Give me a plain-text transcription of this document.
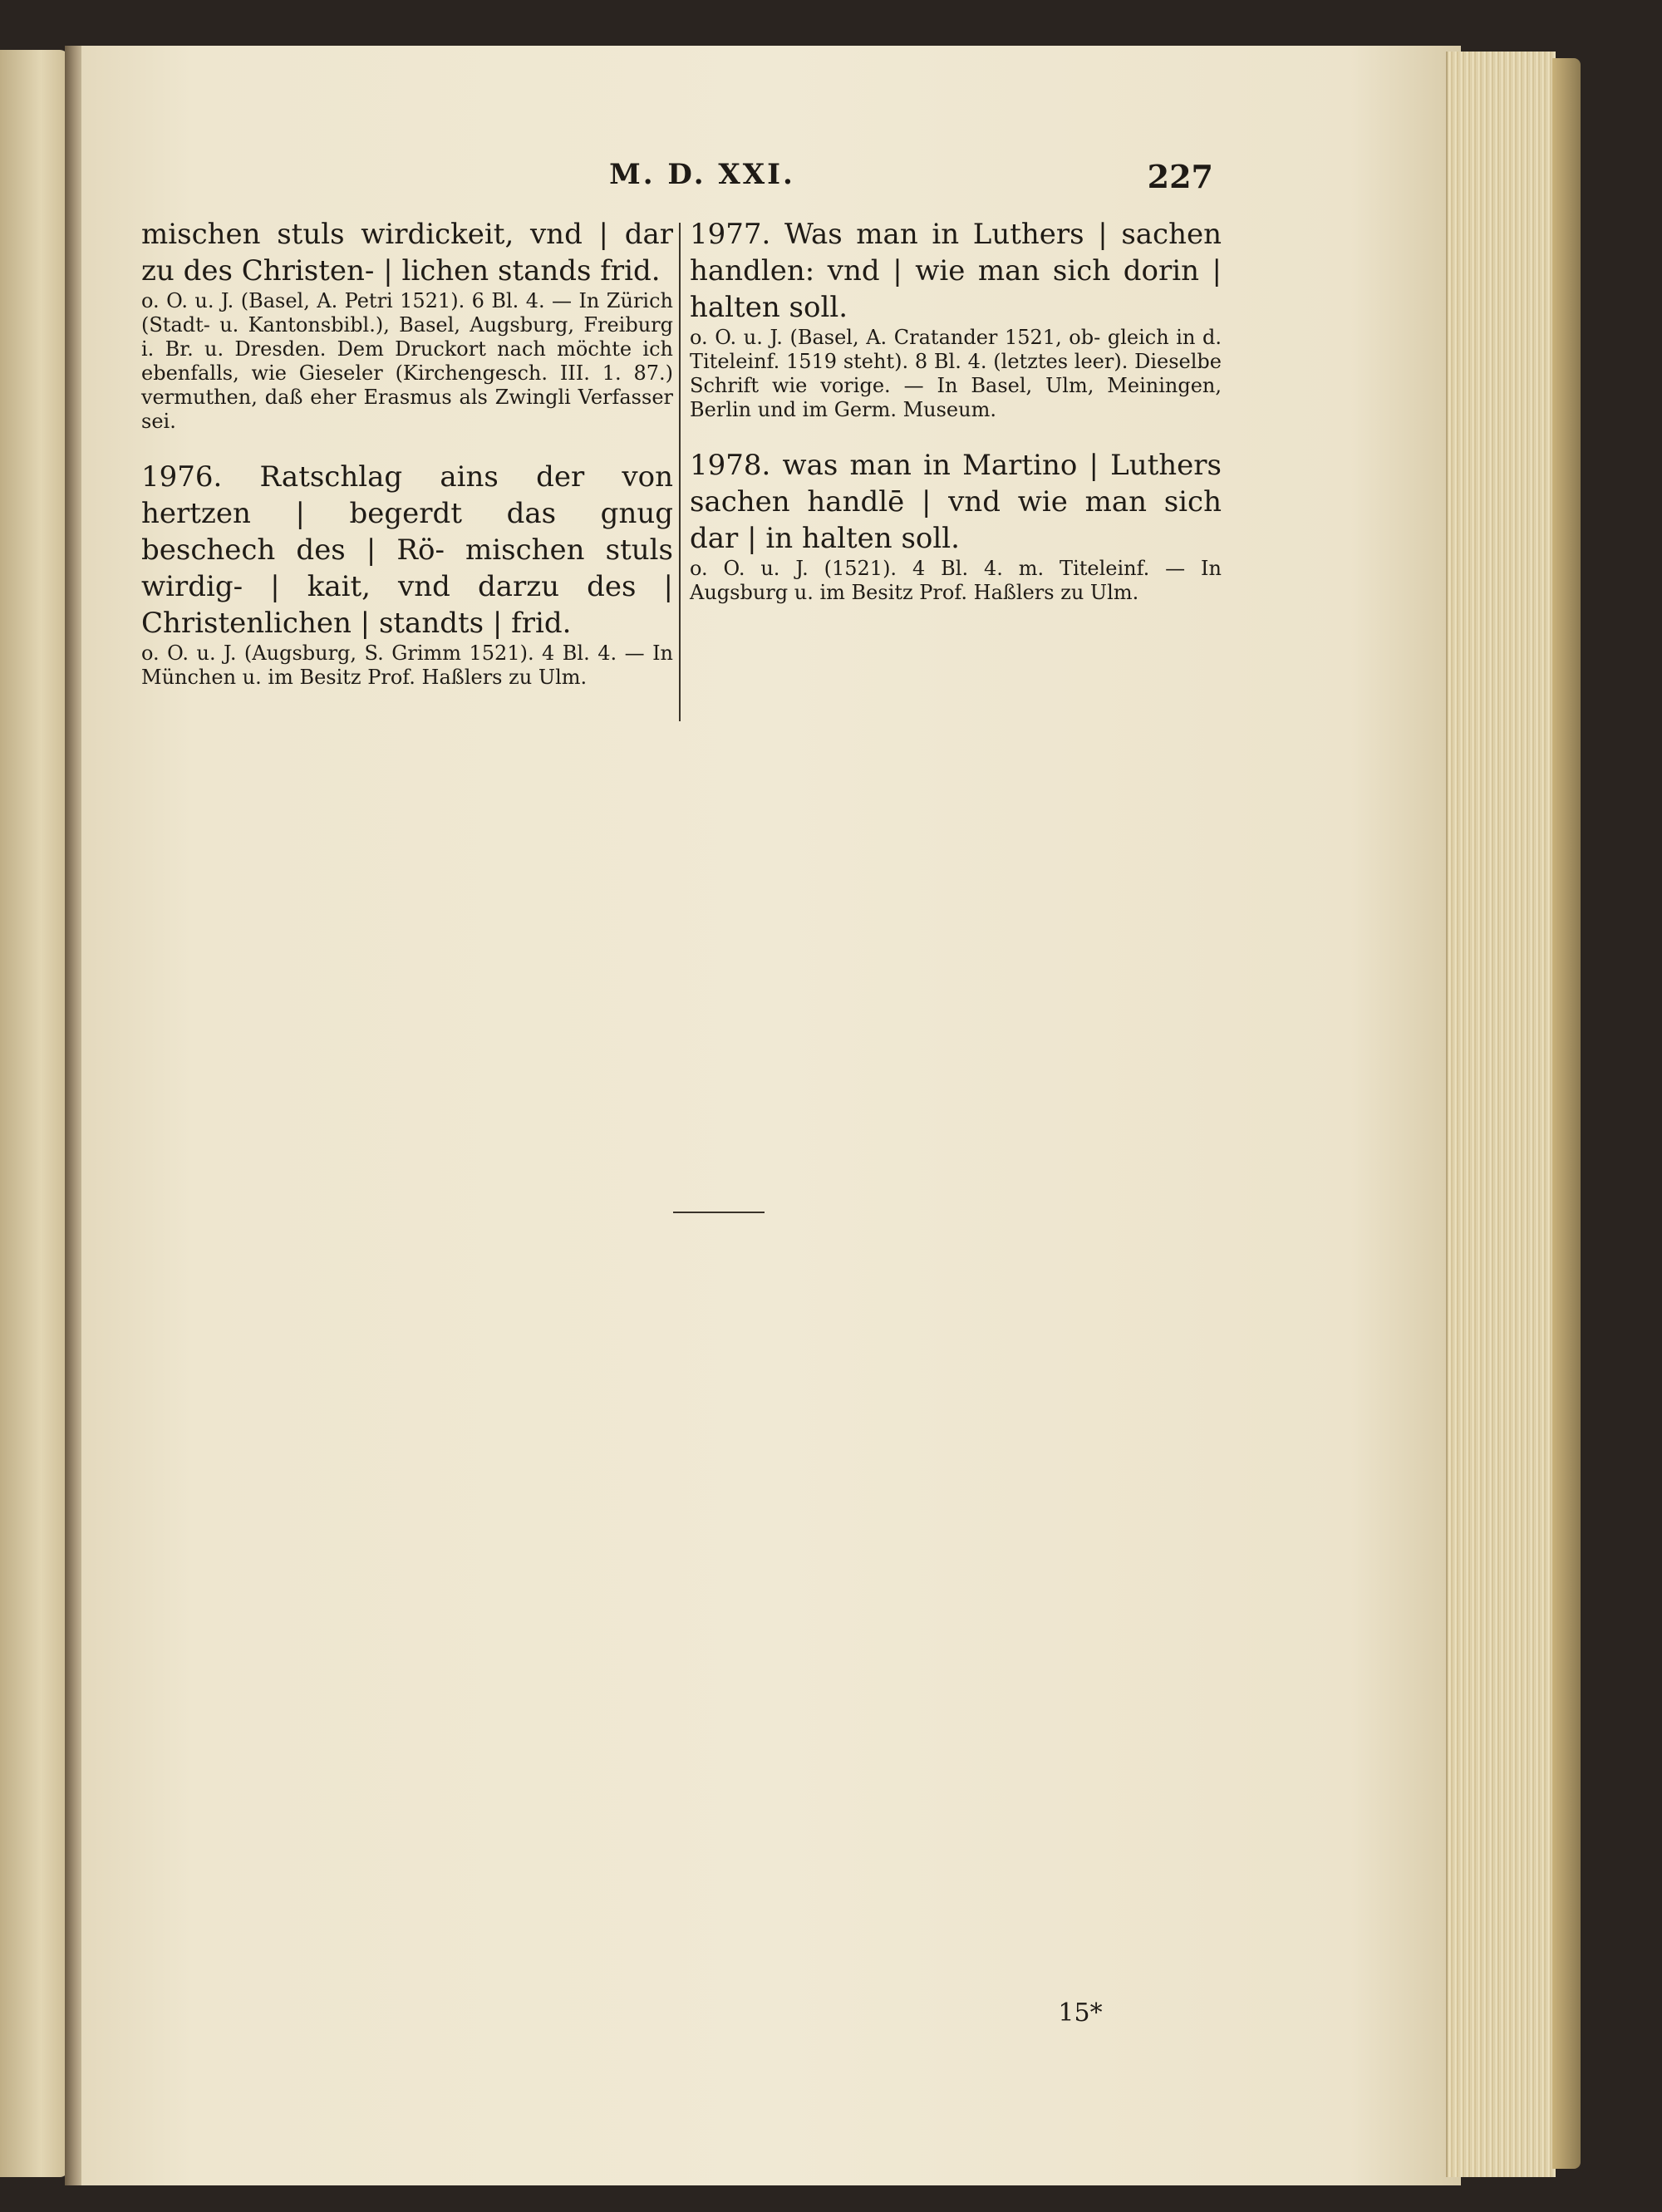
M. D. XXI.	227

mischen stuls wirdickeit, vnd | dar zu des Christen- | lichen stands frid.

o. O. u. J. (Basel, A. Petri 1521). 6 Bl. 4. — In Zürich (Stadt- u. Kantonsbibl.), Basel, Augsburg, Freiburg i. Br. u. Dresden. Dem Druckort nach möchte ich ebenfalls, wie Gieseler (Kirchengesch. III. 1. 87.) vermuthen, daß eher Erasmus als Zwingli Verfasser sei.

1976. Ratschlag ains der von hertzen | begerdt das gnug beschech des | Rö- mischen stuls wirdig- | kait, vnd darzu des | Christenlichen | standts | frid.

o. O. u. J. (Augsburg, S. Grimm 1521). 4 Bl. 4. — In München u. im Besitz Prof. Haßlers zu Ulm.

1977. Was man in Luthers | sachen handlen: vnd | wie man sich dorin | halten soll.

o. O. u. J. (Basel, A. Cratander 1521, ob- gleich in d. Titeleinf. 1519 steht). 8 Bl. 4. (letztes leer). Dieselbe Schrift wie vorige. — In Basel, Ulm, Meiningen, Berlin und im Germ. Museum.

1978. was man in Martino | Luthers sachen handlē | vnd wie man sich dar | in halten soll.

o. O. u. J. (1521). 4 Bl. 4. m. Titeleinf. — In Augsburg u. im Besitz Prof. Haßlers zu Ulm.

15*
